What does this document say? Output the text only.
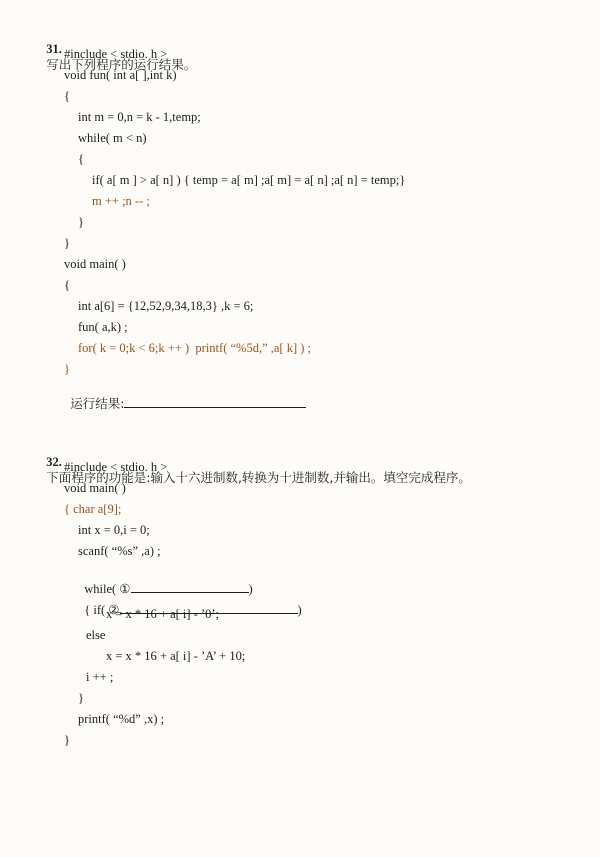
31.
写出下列程序的运行结果。

#include < stdio. h >
void fun( int a[ ],int k)
{
int m = 0,n = k - 1,temp;
while( m < n)
{
if( a[ m ] > a[ n] ) { temp = a[ m] ;a[ m] = a[ n] ;a[ n] = temp;}
m ++ ;n -- ;
}
}
void main( )
{
int a[6] = {12,52,9,34,18,3} ,k = 6;
fun( a,k) ;
for( k = 0;k < 6;k ++ )  printf( “%5d,” ,a[ k] ) ;
}

运行结果:

32.
下面程序的功能是:输入十六进制数,转换为十进制数,并输出。填空完成程序。

#include < stdio. h >
void main( )
{ char a[9];
int x = 0,i = 0;
scanf( “%s” ,a) ;

while( ①	)

{ if( ②	)

x = x * 16 + a[ i] - ’0’;
else
x = x * 16 + a[ i] - ’A’ + 10;
i ++ ;
}
printf( “%d” ,x) ;
}
